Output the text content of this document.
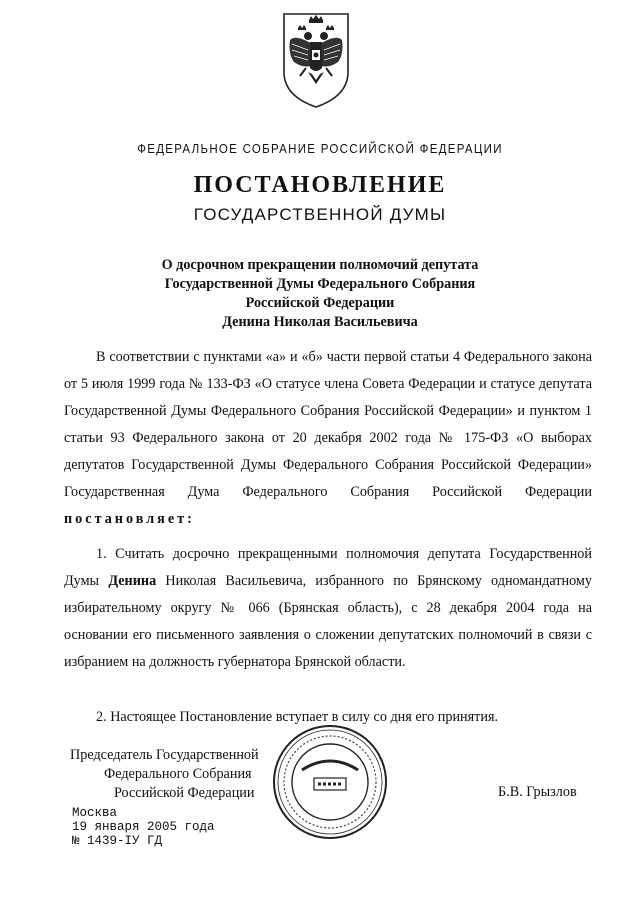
ФЕДЕРАЛЬНОЕ СОБРАНИЕ РОССИЙСКОЙ ФЕДЕРАЦИИ
ПОСТАНОВЛЕНИЕ
ГОСУДАРСТВЕННОЙ ДУМЫ
О досрочном прекращении полномочий депутата
Государственной Думы Федерального Собрания
Российской Федерации
Денина Николая Васильевича
В соответствии с пунктами «а» и «б» части первой статьи 4 Федерального закона от 5 июля 1999 года № 133-ФЗ «О статусе члена Совета Федерации и статусе депутата Государственной Думы Федерального Собрания Российской Федерации» и пунктом 1 статьи 93 Федерального закона от 20 декабря 2002 года № 175-ФЗ «О выборах депутатов Государственной Думы Федерального Собрания Российской Федерации» Государственная Дума Федерального Собрания Российской Федерации постановляет:
1. Считать досрочно прекращенными полномочия депутата Государственной Думы Денина Николая Васильевича, избранного по Брянскому одномандатному избирательному округу № 066 (Брянская область), с 28 декабря 2004 года на основании его письменного заявления о сложении депутатских полномочий в связи с избранием на должность губернатора Брянской области.
2. Настоящее Постановление вступает в силу со дня его принятия.
Председатель Государственной
Федерального Собрания
Российской Федерации	Б.В. Грызлов
Москва
19 января 2005 года
№ 1439-IУ ГД
